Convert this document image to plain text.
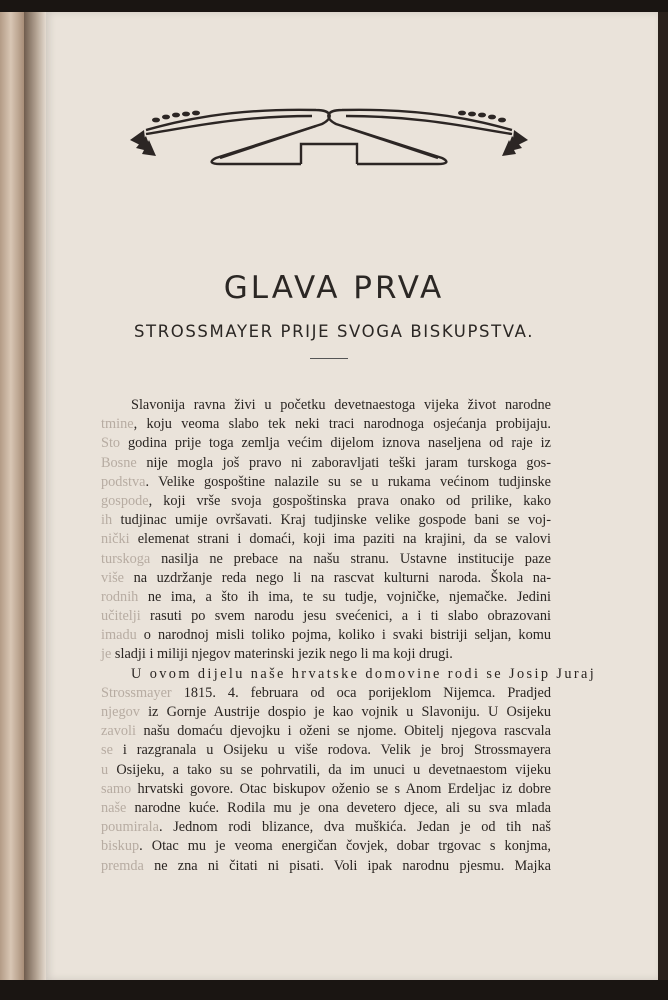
GLAVA PRVA
STROSSMAYER PRIJE SVOGA BISKUPSTVA.
Slavonija ravna živi u početku devetnaestoga vijeka život narodne
tmine, koju veoma slabo tek neki traci narodnoga osjećanja probijaju.
Sto godina prije toga zemlja većim dijelom iznova naseljena od raje iz
Bosne nije mogla još pravo ni zaboravljati teški jaram turskoga gos-
podstva. Velike gospoštine nalazile su se u rukama većinom tudjinske
gospode, koji vrše svoja gospoštinska prava onako od prilike, kako
ih tudjinac umije ovršavati. Kraj tudjinske velike gospode bani se voj-
nički elemenat strani i domaći, koji ima paziti na krajini, da se valovi
turskoga nasilja ne prebace na našu stranu. Ustavne institucije paze
više na uzdržanje reda nego li na rascvat kulturni naroda. Škola na-
rodnih ne ima, a što ih ima, te su tudje, vojničke, njemačke. Jedini
učitelji rasuti po svem narodu jesu svećenici, a i ti slabo obrazovani
imadu o narodnoj misli toliko pojma, koliko i svaki bistriji seljan, komu
je sladji i miliji njegov materinski jezik nego li ma koji drugi.
U ovom dijelu naše hrvatske domovine rodi se Josip Juraj
Strossmayer 1815. 4. februara od oca porijeklom Nijemca. Pradjed
njegov iz Gornje Austrije dospio je kao vojnik u Slavoniju. U Osijeku
zavoli našu domaću djevojku i oženi se njome. Obitelj njegova rascvala
se i razgranala u Osijeku u više rodova. Velik je broj Strossmayera
u Osijeku, a tako su se pohrvatili, da im unuci u devetnaestom vijeku
samo hrvatski govore. Otac biskupov oženio se s Anom Erdeljac iz dobre
naše narodne kuće. Rodila mu je ona devetero djece, ali su sva mlada
poumirala. Jednom rodi blizance, dva muškića. Jedan je od tih naš
biskup. Otac mu je veoma energičan čovjek, dobar trgovac s konjma,
premda ne zna ni čitati ni pisati. Voli ipak narodnu pjesmu. Majka
